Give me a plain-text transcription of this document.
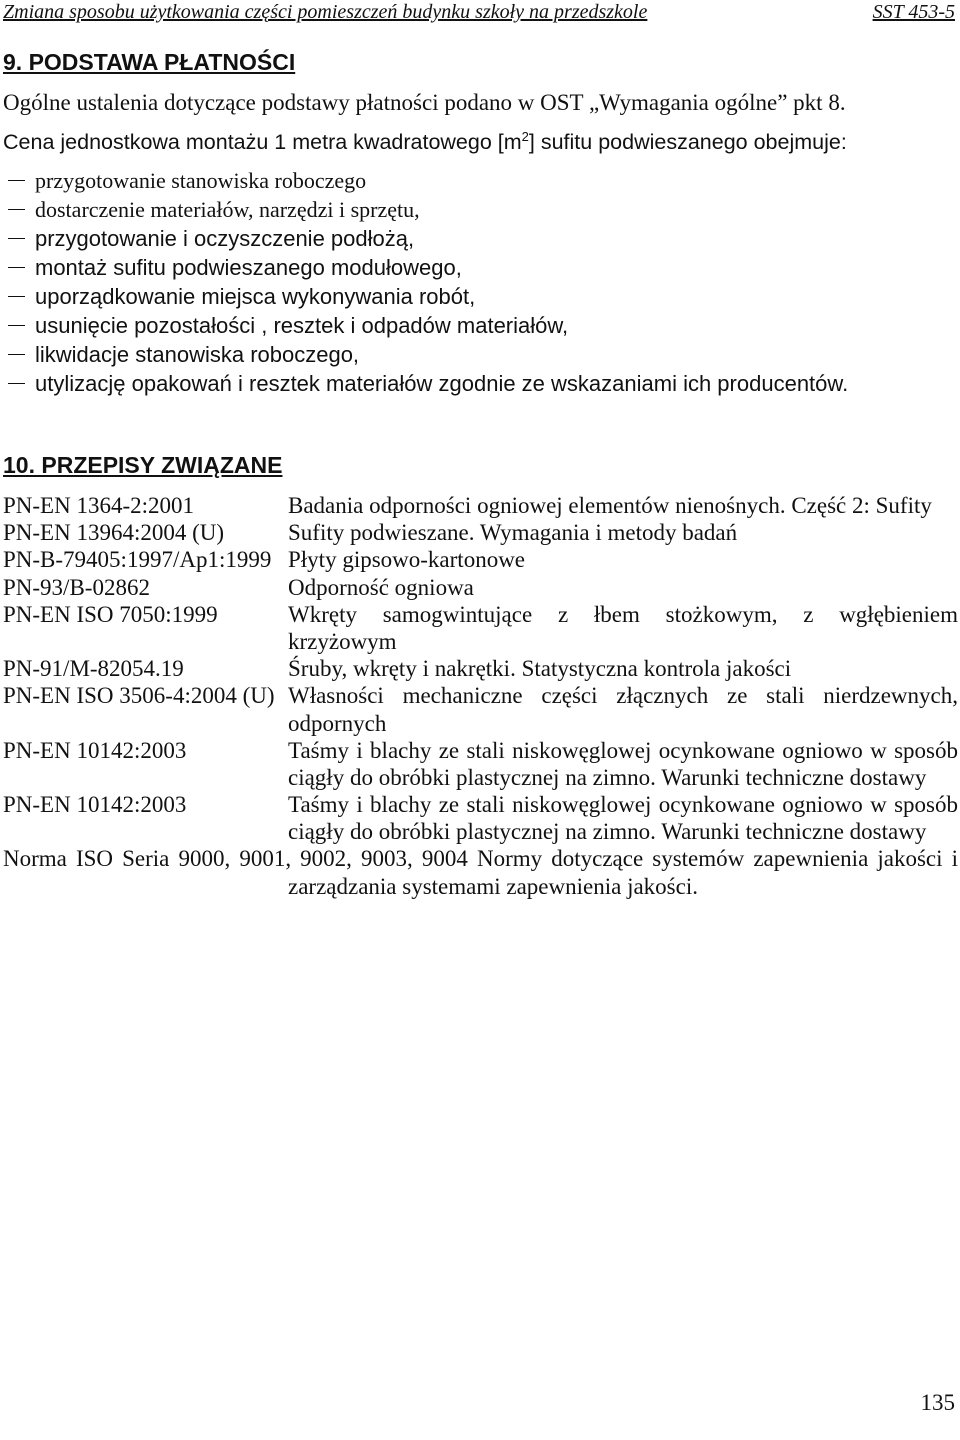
Zmiana sposobu użytkowania części pomieszczeń budynku szkoły na przedszkole	SST 453-5
9. PODSTAWA PŁATNOŚCI
Ogólne ustalenia dotyczące podstawy płatności podano w OST „Wymagania ogólne” pkt 8.
Cena jednostkowa montażu 1 metra kwadratowego $[m^2]$ sufitu podwieszanego obejmuje:
przygotowanie stanowiska roboczego
dostarczenie materiałów, narzędzi i sprzętu,
przygotowanie i oczyszczenie podłożą,
montaż sufitu podwieszanego modułowego,
uporządkowanie miejsca wykonywania robót,
usunięcie pozostałości , resztek i odpadów materiałów,
likwidacje stanowiska roboczego,
utylizację opakowań i resztek materiałów zgodnie ze wskazaniami ich producentów.
10. PRZEPISY ZWIĄZANE
PN-EN 1364-2:2001	Badania odporności ogniowej elementów nienośnych. Część 2: Sufity
PN-EN 13964:2004 (U)	Sufity podwieszane. Wymagania i metody badań
PN-B-79405:1997/Ap1:1999 Płyty gipsowo-kartonowe
PN-93/B-02862	Odporność ogniowa
PN-EN ISO 7050:1999	Wkręty samogwintujące z łbem stożkowym, z wgłębieniem
krzyżowym
PN-91/M-82054.19	Śruby, wkręty i nakrętki. Statystyczna kontrola jakości
PN-EN ISO 3506-4:2004 (U) Własności mechaniczne części złącznych ze stali nierdzewnych,
odpornych
PN-EN 10142:2003	Taśmy i blachy ze stali niskowęglowej ocynkowane ogniowo w sposób
ciągły do obróbki plastycznej na zimno. Warunki techniczne dostawy
PN-EN 10142:2003	Taśmy i blachy ze stali niskowęglowej ocynkowane ogniowo w sposób
ciągły do obróbki plastycznej na zimno. Warunki techniczne dostawy
Norma ISO Seria 9000, 9001, 9002, 9003, 9004 Normy dotyczące systemów zapewnienia jakości i
zarządzania systemami zapewnienia jakości.
135
